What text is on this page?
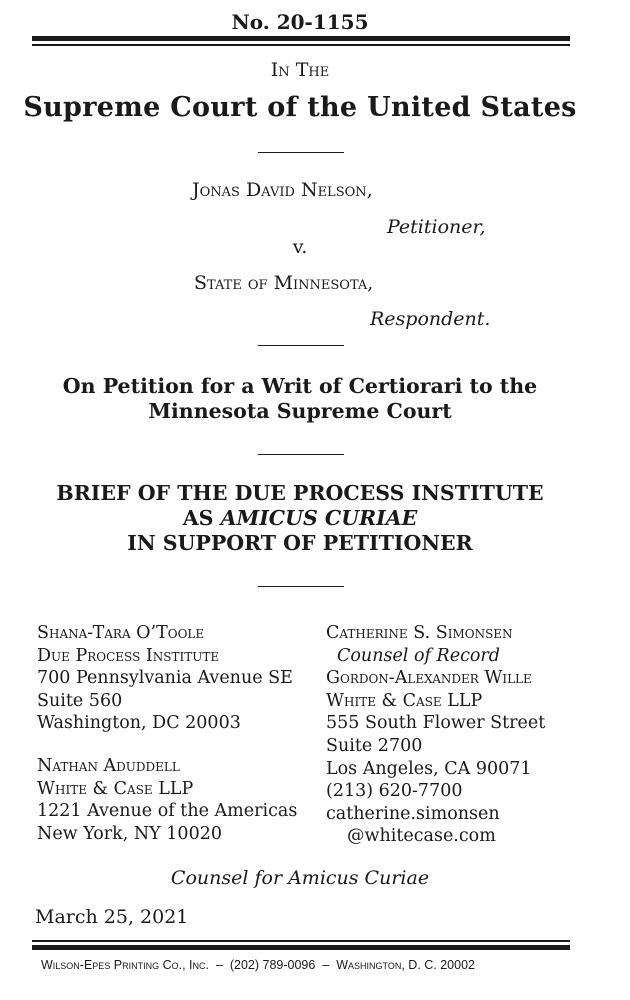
No. 20-1155
In The
Supreme Court of the United States
Jonas David Nelson,
Petitioner,
v.
State of Minnesota,
Respondent.
On Petition for a Writ of Certiorari to the
Minnesota Supreme Court
BRIEF OF THE DUE PROCESS INSTITUTE
AS AMICUS CURIAE
IN SUPPORT OF PETITIONER
Shana-Tara O’Toole
Due Process Institute
700 Pennsylvania Avenue SE
Suite 560
Washington, DC 20003
Nathan Aduddell
White & Case LLP
1221 Avenue of the Americas
New York, NY 10020
Catherine S. Simonsen
Counsel of Record
Gordon-Alexander Wille
White & Case LLP
555 South Flower Street
Suite 2700
Los Angeles, CA 90071
(213) 620-7700
catherine.simonsen
@whitecase.com
Counsel for Amicus Curiae
March 25, 2021
Wilson-Epes Printing Co., Inc. – (202) 789-0096 – Washington, D. C. 20002
